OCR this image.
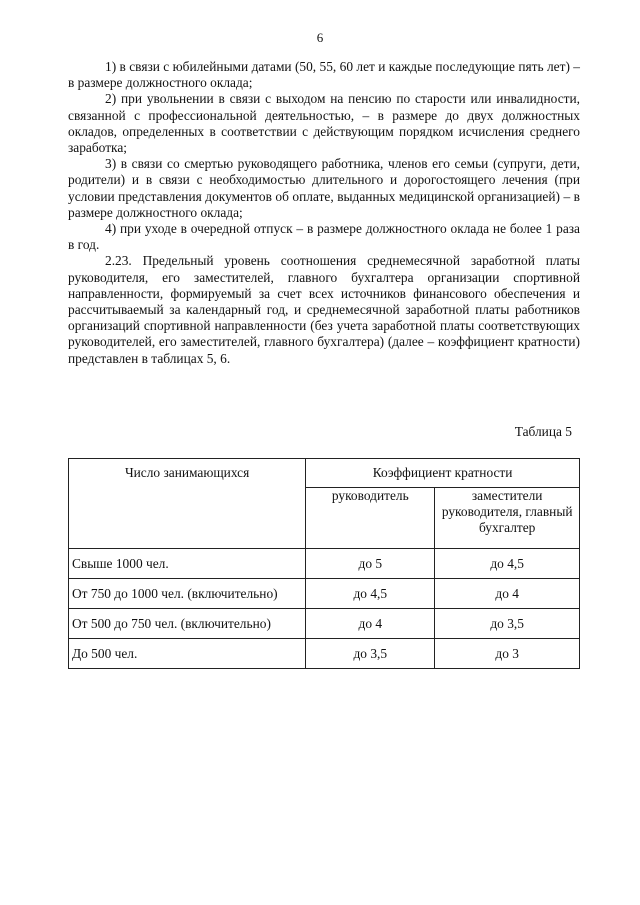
6

1) в связи с юбилейными датами (50, 55, 60 лет и каждые последующие пять лет) – в размере должностного оклада;

2) при увольнении в связи с выходом на пенсию по старости или инвалидности, связанной с профессиональной деятельностью, – в размере до двух должностных окладов, определенных в соответствии с действующим порядком исчисления среднего заработка;

3) в связи со смертью руководящего работника, членов его семьи (супруги, дети, родители) и в связи с необходимостью длительного и дорогостоящего лечения (при условии представления документов об оплате, выданных медицинской организацией) – в размере должностного оклада;

4) при уходе в очередной отпуск – в размере должностного оклада не более 1 раза в год.

2.23. Предельный уровень соотношения среднемесячной заработной платы руководителя, его заместителей, главного бухгалтера организации спортивной направленности, формируемый за счет всех источников финансового обеспечения и рассчитываемый за календарный год, и среднемесячной заработной платы работников организаций спортивной направленности (без учета заработной платы соответствующих руководителей, его заместителей, главного бухгалтера) (далее – коэффициент кратности) представлен в таблицах 5, 6.

Таблица 5
Число занимающихся	Коэффициент кратности	
	руководитель	заместители руководителя, главный бухгалтер
Свыше 1000 чел.	до 5	до 4,5
От 750 до 1000 чел. (включительно)	до 4,5	до 4
От 500 до 750 чел. (включительно)	до 4	до 3,5
До 500 чел.	до 3,5	до 3
